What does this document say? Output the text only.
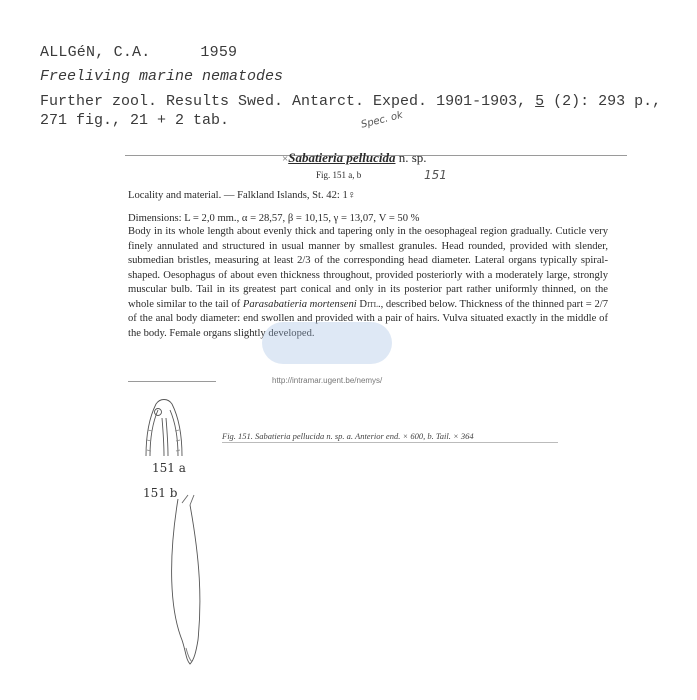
ALLGéN, C.A.	1959
Freeliving marine nematodes
Further zool. Results Swed. Antarct. Exped. 1901-1903, 5 (2): 293 p.,
271 fig., 21 + 2 tab.	Spec. ok
×Sabatieria pellucida n. sp.
Fig. 151 a, b	151
Locality and material. — Falkland Islands, St. 42: 1♀
Dimensions: L = 2,0 mm., α = 28,57, β = 10,15, γ = 13,07, V = 50 %

Body in its whole length about evenly thick and tapering only in the oesophageal region gradually. Cuticle very finely annulated and structured in usual manner by smallest granules. Head rounded, provided with slender, submedian bristles, measuring at least 2/3 of the corresponding head diameter. Lateral organs typically spiral-shaped. Oesophagus of about even thickness throughout, provided posteriorly with a moderately large, strongly muscular bulb. Tail in its greatest part conical and only in its posterior part rather uniformly thinned, on the whole similar to the tail of Parasabatieria mortenseni Ditl., described below. Thickness of the thinned part = 2/7 of the anal body diameter: end swollen and provided with a pair of hairs. Vulva situated exactly in the middle of the body. Female organs slightly developed.

http://intramar.ugent.be/nemys/
Fig. 151. Sabatieria pellucida n. sp. a. Anterior end. × 600, b. Tail. × 364
151 a
151 b
